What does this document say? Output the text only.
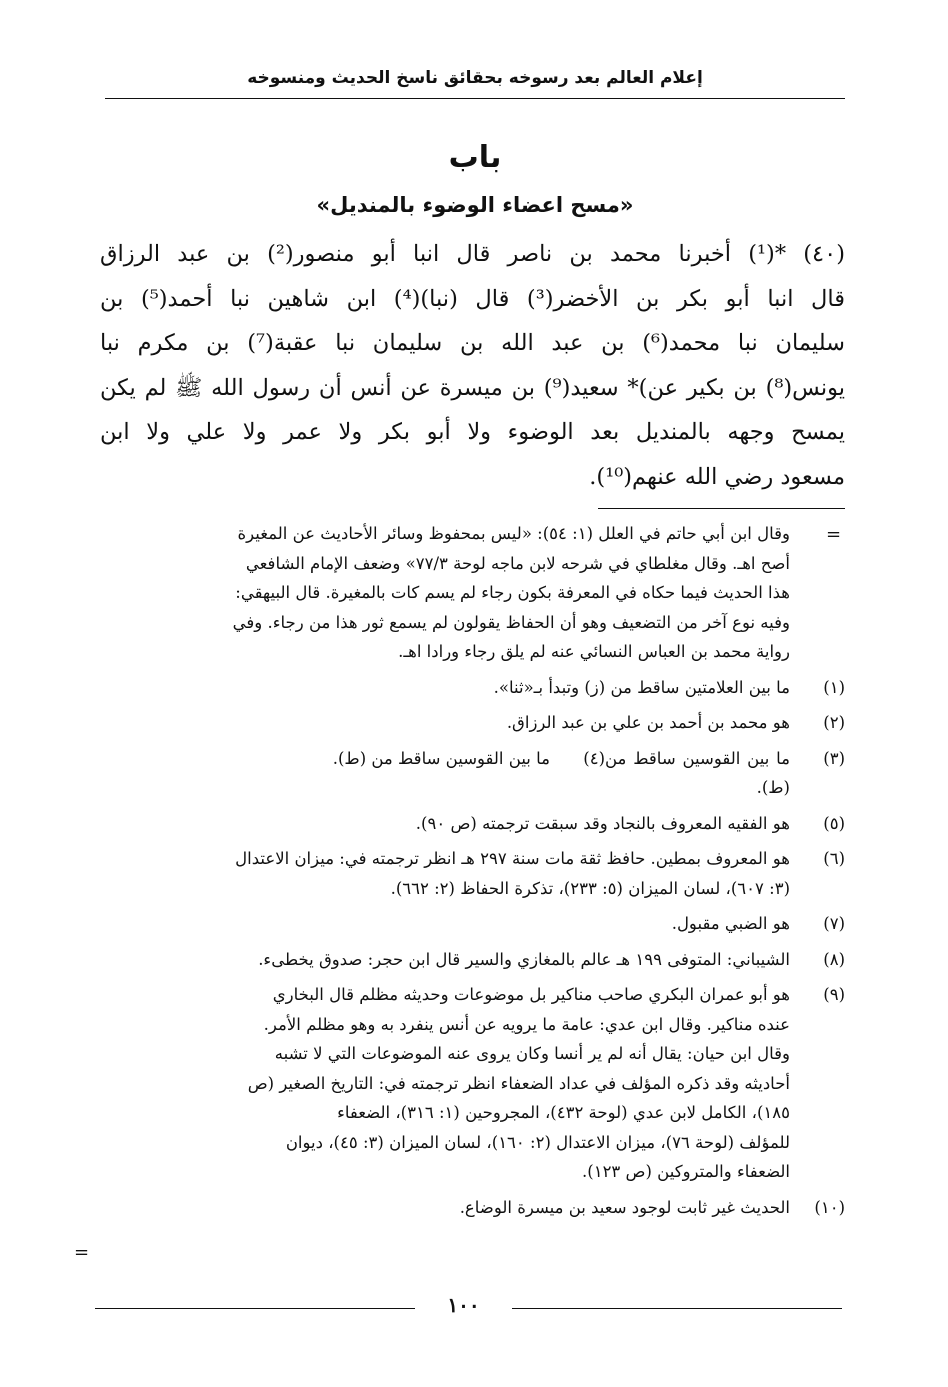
إعلام العالم بعد رسوخه بحقائق ناسخ الحديث ومنسوخه
باب
«مسح اعضاء الوضوء بالمنديل»
(٤٠) *(¹) أخبرنا محمد بن ناصر قال انبا أبو منصور(²) بن عبد الرزاق
قال انبا أبو بكر بن الأخضر(³) قال (نبا)(⁴) ابن شاهين نبا أحمد(⁵) بن
سليمان نبا محمد(⁶) بن عبد الله بن سليمان نبا عقبة(⁷) بن مكرم نبا
يونس(⁸) بن بكير عن)* سعيد(⁹) بن ميسرة عن أنس أن رسول الله ﷺ لم يكن
يمسح وجهه بالمنديل بعد الوضوء ولا أبو بكر ولا عمر ولا علي ولا ابن
مسعود رضي الله عنهم(¹⁰).
=
وقال ابن أبي حاتم في العلل (١: ٥٤): «ليس بمحفوظ وسائر الأحاديث عن المغيرة
أصح اهـ. وقال مغلطاي في شرحه لابن ماجه لوحة ٧٧/٣» وضعف الإمام الشافعي
هذا الحديث فيما حكاه في المعرفة بكون رجاء لم يسم كات بالمغيرة. قال البيهقي:
وفيه نوع آخر من التضعيف وهو أن الحفاظ يقولون لم يسمع ثور هذا من رجاء. وفي
رواية محمد بن العباس النسائي عنه لم يلق رجاء ورادا اهـ.
(١)
ما بين العلامتين ساقط من (ز) وتبدأ بـ«ثنا».
(٢)
هو محمد بن أحمد بن علي بن عبد الرزاق.
(٣)
ما بين القوسين ساقط من (ط).
(٤)
ما بين القوسين ساقط من (ط).
(٥)
هو الفقيه المعروف بالنجاد وقد سبقت ترجمته (ص ٩٠).
(٦)
هو المعروف بمطين. حافظ ثقة مات سنة ٢٩٧ هـ انظر ترجمته في: ميزان الاعتدال
(٣: ٦٠٧)، لسان الميزان (٥: ٢٣٣)، تذكرة الحفاظ (٢: ٦٦٢).
(٧)
هو الضبي مقبول.
(٨)
الشيباني: المتوفى ١٩٩ هـ عالم بالمغازي والسير قال ابن حجر: صدوق يخطىء.
(٩)
هو أبو عمران البكري صاحب مناكير بل موضوعات وحديثه مظلم قال البخاري
عنده مناكير. وقال ابن عدي: عامة ما يرويه عن أنس ينفرد به وهو مظلم الأمر.
وقال ابن حيان: يقال أنه لم ير أنسا وكان يروى عنه الموضوعات التي لا تشبه
أحاديثه وقد ذكره المؤلف في عداد الضعفاء انظر ترجمته في: التاريخ الصغير (ص
١٨٥)، الكامل لابن عدي (لوحة ٤٣٢)، المجروحين (١: ٣١٦)، الضعفاء
للمؤلف (لوحة ٧٦)، ميزان الاعتدال (٢: ١٦٠)، لسان الميزان (٣: ٤٥)، ديوان
الضعفاء والمتروكين (ص ١٢٣).
(١٠)
الحديث غير ثابت لوجود سعيد بن ميسرة الوضاع.
=
١٠٠
